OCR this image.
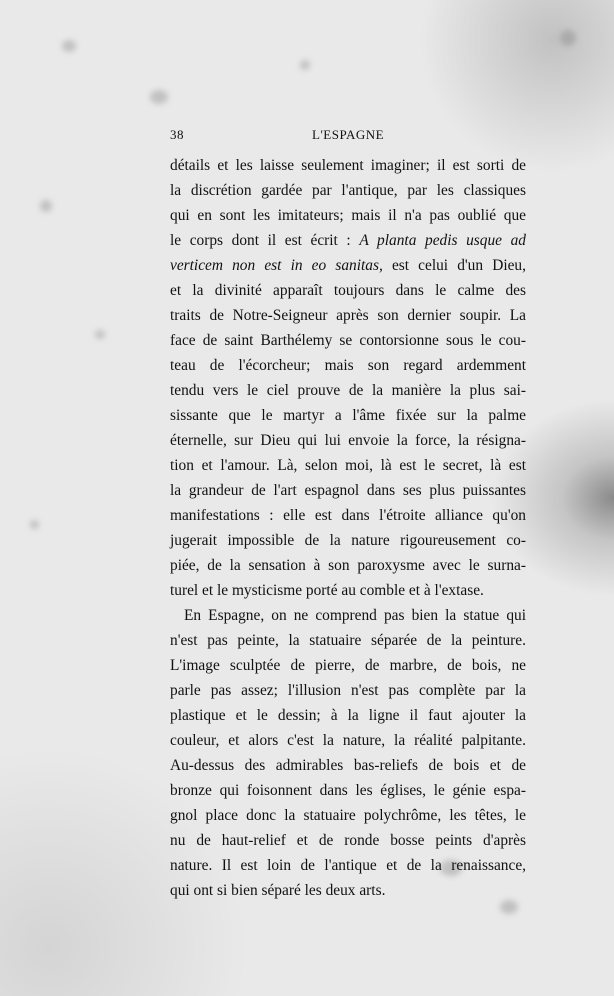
38	L'ESPAGNE
détails et les laisse seulement imaginer; il est sorti de
la discrétion gardée par l'antique, par les classiques
qui en sont les imitateurs; mais il n'a pas oublié que
le corps dont il est écrit : A planta pedis usque ad
verticem non est in eo sanitas, est celui d'un Dieu,
et la divinité apparaît toujours dans le calme des
traits de Notre-Seigneur après son dernier soupir. La
face de saint Barthélemy se contorsionne sous le cou-
teau de l'écorcheur; mais son regard ardemment
tendu vers le ciel prouve de la manière la plus sai-
sissante que le martyr a l'âme fixée sur la palme
éternelle, sur Dieu qui lui envoie la force, la résigna-
tion et l'amour. Là, selon moi, là est le secret, là est
la grandeur de l'art espagnol dans ses plus puissantes
manifestations : elle est dans l'étroite alliance qu'on
jugerait impossible de la nature rigoureusement co-
piée, de la sensation à son paroxysme avec le surna-
turel et le mysticisme porté au comble et à l'extase.
En Espagne, on ne comprend pas bien la statue qui
n'est pas peinte, la statuaire séparée de la peinture.
L'image sculptée de pierre, de marbre, de bois, ne
parle pas assez; l'illusion n'est pas complète par la
plastique et le dessin; à la ligne il faut ajouter la
couleur, et alors c'est la nature, la réalité palpitante.
Au-dessus des admirables bas-reliefs de bois et de
bronze qui foisonnent dans les églises, le génie espa-
gnol place donc la statuaire polychrôme, les têtes, le
nu de haut-relief et de ronde bosse peints d'après
nature. Il est loin de l'antique et de la renaissance,
qui ont si bien séparé les deux arts.
